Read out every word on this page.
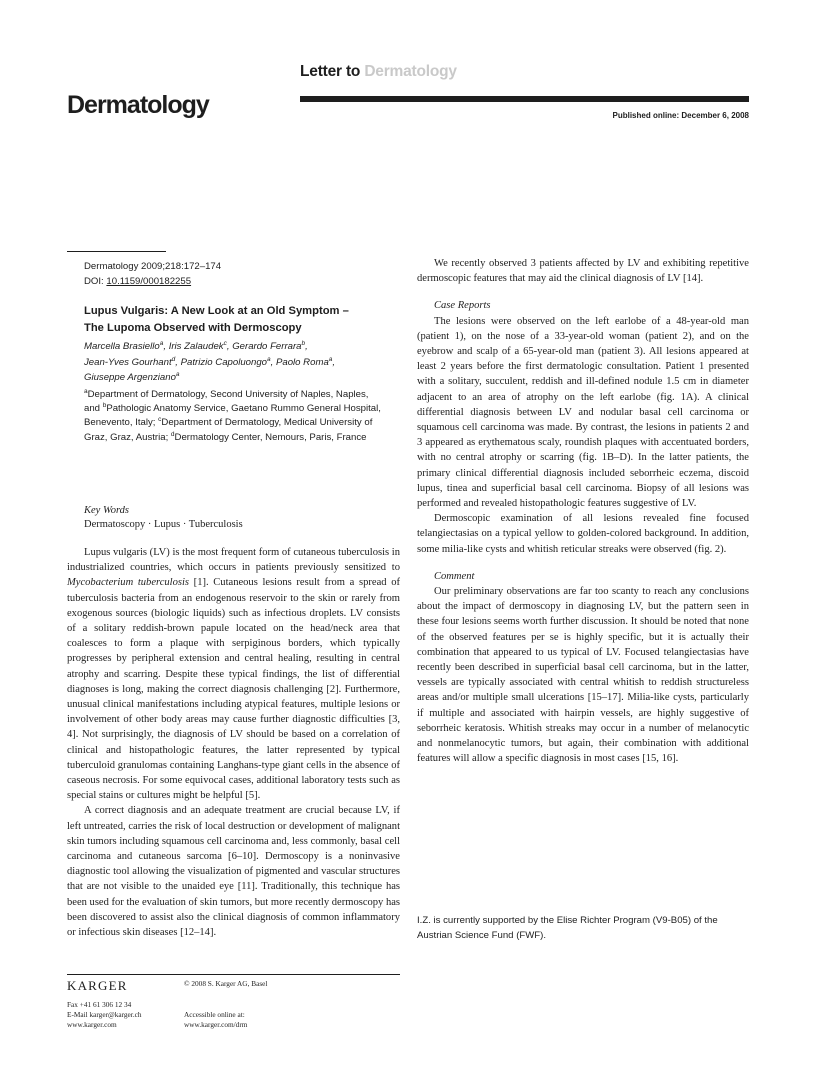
Letter to Dermatology
Dermatology	Published online: December 6, 2008
Dermatology 2009;218:172–174
DOI: 10.1159/000182255
Lupus Vulgaris: A New Look at an Old Symptom –
The Lupoma Observed with Dermoscopy
Marcella Brasiello$^a$, Iris Zalaudek$^c$, Gerardo Ferrara$^b$,
Jean-Yves Gourhant$^d$, Patrizio Capoluongo$^a$, Paolo Roma$^a$,
Giuseppe Argenziano$^a$
$^a$Department of Dermatology, Second University of Naples, Naples, and $^b$Pathologic Anatomy Service, Gaetano Rummo General Hospital, Benevento, Italy; $^c$Department of Dermatology, Medical University of Graz, Graz, Austria; $^d$Dermatology Center, Nemours, Paris, France
Key Words
Dermatoscopy · Lupus · Tuberculosis

Lupus vulgaris (LV) is the most frequent form of cutaneous tuberculosis in industrialized countries, which occurs in patients previously sensitized to Mycobacterium tuberculosis [1]. Cutaneous lesions result from a spread of tuberculosis bacteria from an endogenous reservoir to the skin or rarely from exogenous sources (biologic liquids) such as infectious droplets. LV consists of a solitary reddish-brown papule located on the head/neck area that coalesces to form a plaque with serpiginous borders, which typically progresses by peripheral extension and central healing, resulting in central atrophy and scarring. Despite these typical findings, the list of differential diagnoses is long, making the correct diagnosis challenging [2]. Furthermore, unusual clinical manifestations including atypical features, multiple lesions or involvement of other body areas may cause further diagnostic difficulties [3, 4]. Not surprisingly, the diagnosis of LV should be based on a correlation of clinical and histopathologic features, the latter represented by typical tuberculoid granulomas containing Langhans-type giant cells in the absence of caseous necrosis. For some equivocal cases, additional laboratory tests such as special stains or cultures might be helpful [5].

A correct diagnosis and an adequate treatment are crucial because LV, if left untreated, carries the risk of local destruction or development of malignant skin tumors including squamous cell carcinoma and, less commonly, basal cell carcinoma and cutaneous sarcoma [6–10]. Dermoscopy is a noninvasive diagnostic tool allowing the visualization of pigmented and vascular structures that are not visible to the unaided eye [11]. Traditionally, this technique has been used for the evaluation of skin tumors, but more recently dermoscopy has been discovered to assist also the clinical diagnosis of common inflammatory or infectious skin diseases [12–14].

We recently observed 3 patients affected by LV and exhibiting repetitive dermoscopic features that may aid the clinical diagnosis of LV [14].

Case Reports

The lesions were observed on the left earlobe of a 48-year-old man (patient 1), on the nose of a 33-year-old woman (patient 2), and on the eyebrow and scalp of a 65-year-old man (patient 3). All lesions appeared at least 2 years before the first dermatologic consultation. Patient 1 presented with a solitary, succulent, reddish and ill-defined nodule 1.5 cm in diameter adjacent to an area of atrophy on the left earlobe (fig. 1A). A clinical differential diagnosis between LV and nodular basal cell carcinoma or squamous cell carcinoma was made. By contrast, the lesions in patients 2 and 3 appeared as erythematous scaly, roundish plaques with accentuated borders, with no central atrophy or scarring (fig. 1B–D). In the latter patients, the primary clinical differential diagnosis included seborrheic eczema, discoid lupus, tinea and superficial basal cell carcinoma. Biopsy of all lesions was performed and revealed histopathologic features suggestive of LV.

Dermoscopic examination of all lesions revealed fine focused telangiectasias on a typical yellow to golden-colored background. In addition, some milia-like cysts and whitish reticular streaks were observed (fig. 2).

Comment

Our preliminary observations are far too scanty to reach any conclusions about the impact of dermoscopy in diagnosing LV, but the pattern seen in these four lesions seems worth further discussion. It should be noted that none of the observed features per se is highly specific, but it is actually their combination that appeared to us typical of LV. Focused telangiectasias have recently been described in superficial basal cell carcinoma, but in the latter, vessels are typically associated with central whitish to reddish structureless areas and/or multiple small ulcerations [15–17]. Milia-like cysts, particularly if multiple and associated with hairpin vessels, are highly suggestive of seborrheic keratosis. Whitish streaks may occur in a number of melanocytic and nonmelanocytic tumors, but again, their combination with additional features will allow a specific diagnosis in most cases [15, 16].

I.Z. is currently supported by the Elise Richter Program (V9-B05) of the Austrian Science Fund (FWF).
KARGER	© 2008 S. Karger AG, Basel
Fax +41 61 306 12 34
E-Mail karger@karger.ch
www.karger.com
Accessible online at:
www.karger.com/drm
